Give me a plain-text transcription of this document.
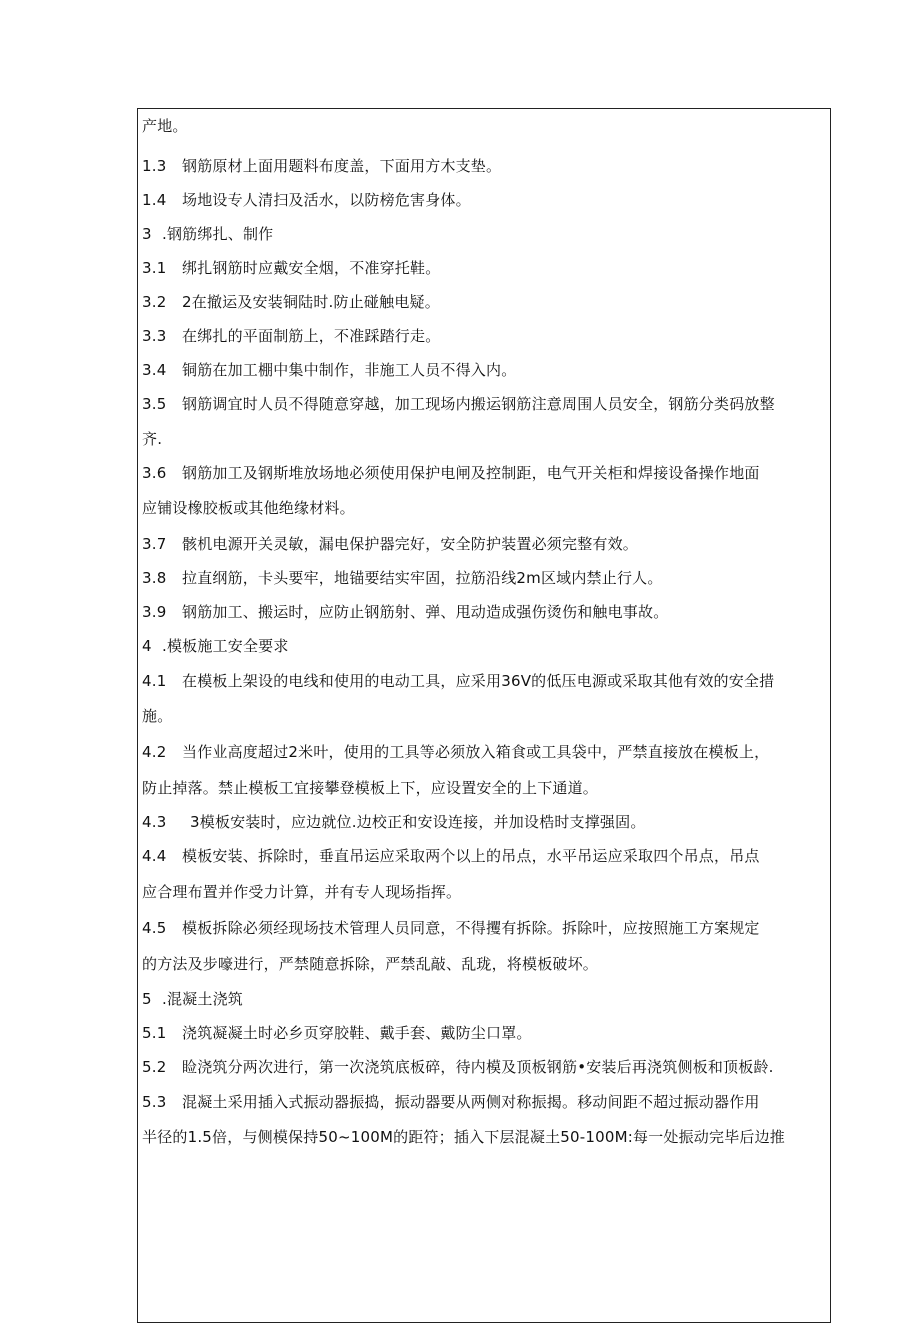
产地。
1.3 钢筋原材上面用题料布度盖，下面用方木支垫。
1.4 场地设专人清扫及活水，以防榜危害身体。
3 .钢筋绑扎、制作
3.1 绑扎钢筋时应戴安全烟，不准穿托鞋。
3.2 2在撤运及安装铜陆时.防止碰触电疑。
3.3 在绑扎的平面制筋上，不准踩踏行走。
3.4 铜筋在加工棚中集中制作，非施工人员不得入内。
3.5 钢筋调宜时人员不得随意穿越，加工现场内搬运钢筋注意周围人员安全，钢筋分类码放整
齐.
3.6 钢筋加工及钢斯堆放场地必须使用保护电闸及控制距，电气开关柜和焊接设备操作地面
应铺设橡胶板或其他绝缘材料。
3.7 骸机电源开关灵敏，漏电保护器完好，安全防护装置必须完整有效。
3.8 拉直纲筋，卡头要牢，地锚要结实牢固，拉筋沿线2m区域内禁止行人。
3.9 钢筋加工、搬运时，应防止钢筋射、弹、甩动造成强伤烫伤和触电事故。
4 .模板施工安全要求
4.1 在模板上架设的电线和使用的电动工具，应采用36V的低压电源或采取其他有效的安全措
施。
4.2 当作业高度超过2米叶，使用的工具等必须放入箱食或工具袋中，严禁直接放在模板上，
防止掉落。禁止模板工宜接攀登模板上下，应设置安全的上下通道。
4.3 3模板安装时，应边就位.边校正和安设连接，并加设梏时支撑强固。
4.4 模板安装、拆除时，垂直吊运应采取两个以上的吊点，水平吊运应采取四个吊点，吊点
应合理布置并作受力计算，并有专人现场指挥。
4.5 模板拆除必须经现场技术管理人员同意，不得攫有拆除。拆除叶，应按照施工方案规定
的方法及步嚎进行，严禁随意拆除，严禁乱敲、乱珑，将模板破坏。
5 .混凝土浇筑
5.1 浇筑凝凝土时必乡页穿胶鞋、戴手套、戴防尘口罩。
5.2 睑浇筑分两次进行，第一次浇筑底板碎，待内模及顶板钢筋•安装后再浇筑侧板和顶板龄.
5.3 混凝土采用插入式振动器振捣，振动器要从两侧对称振揭。移动间距不超过振动器作用
半径的1.5倍，与侧模保持50~100M的距符；插入下层混凝土50-100M:每一处振动完毕后边推
